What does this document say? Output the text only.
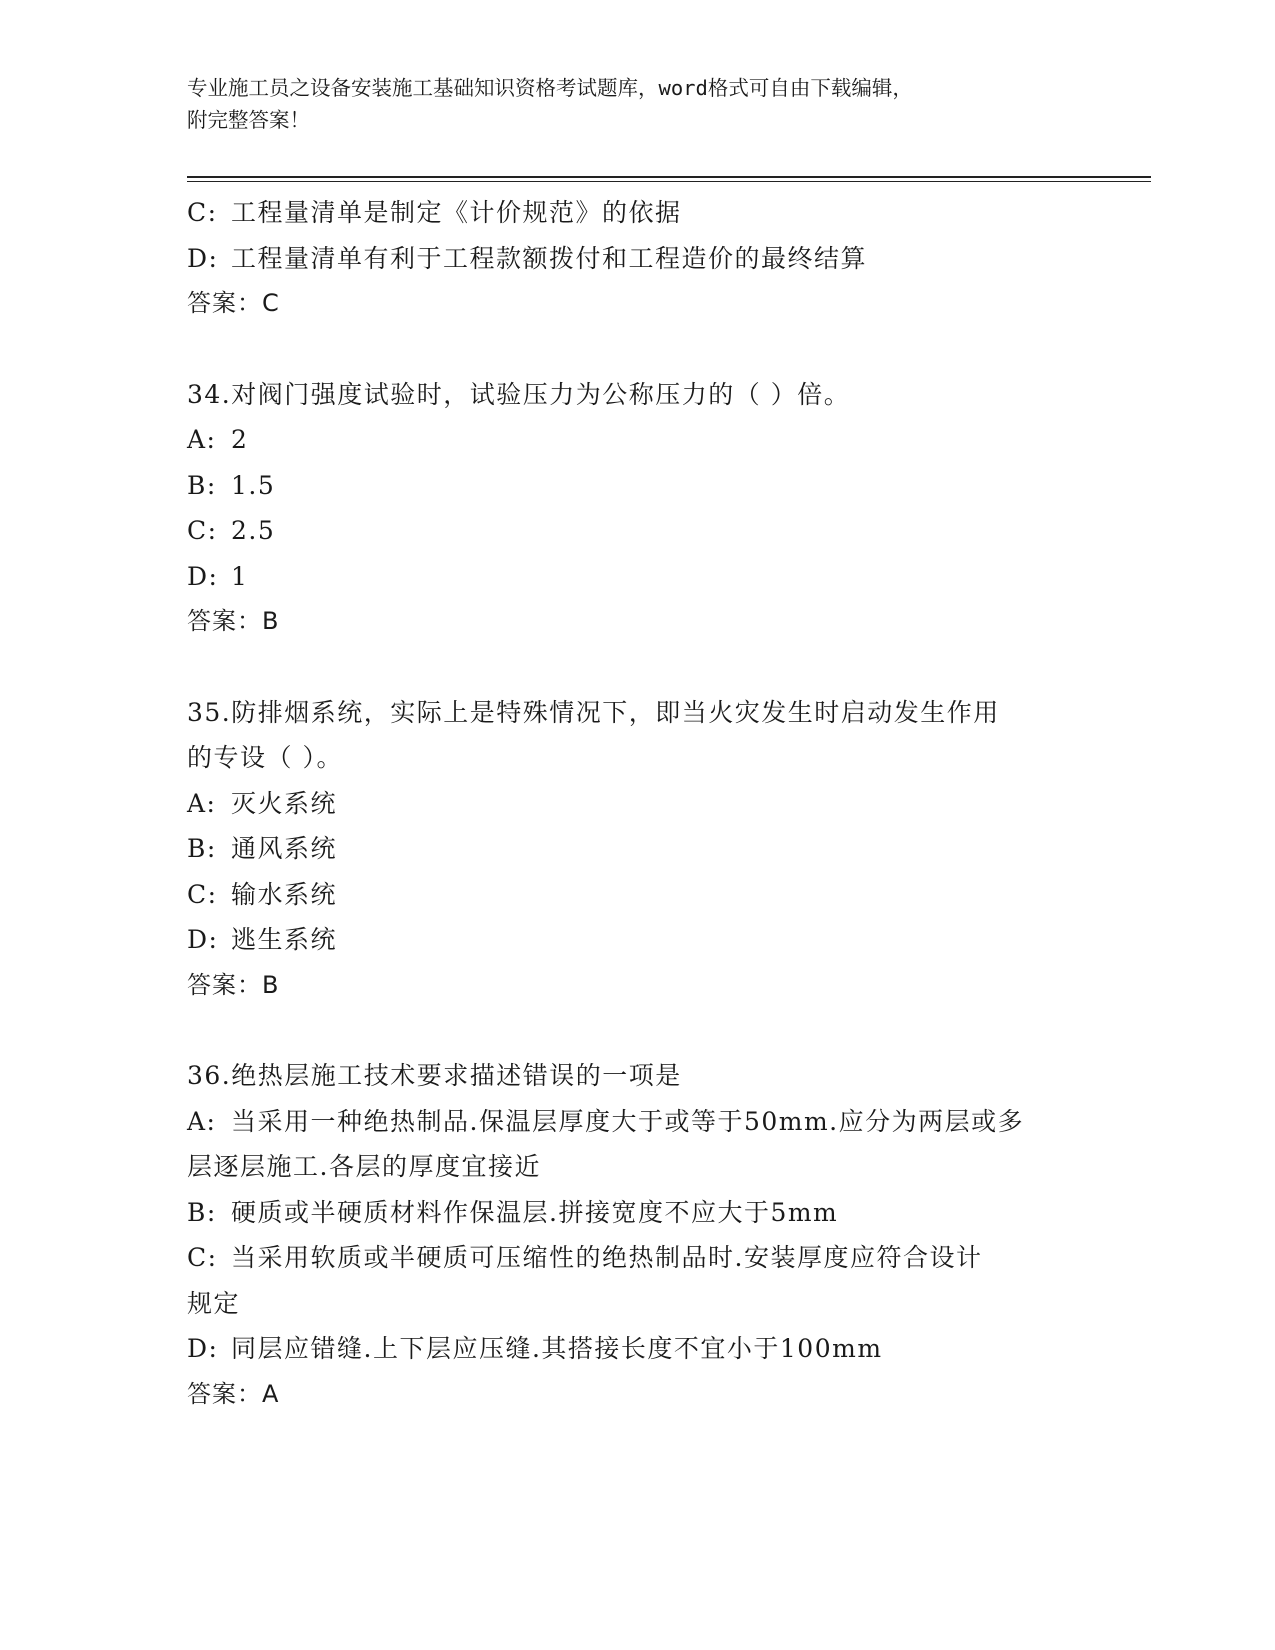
专业施工员之设备安装施工基础知识资格考试题库，word格式可自由下载编辑，
附完整答案！
C: 工程量清单是制定《计价规范》的依据
D: 工程量清单有利于工程款额拨付和工程造价的最终结算
答案：C
34.对阀门强度试验时，试验压力为公称压力的（ ）倍。
A: 2
B: 1.5
C: 2.5
D: 1
答案：B
35.防排烟系统，实际上是特殊情况下，即当火灾发生时启动发生作用
的专设（ ）。
A: 灭火系统
B: 通风系统
C: 输水系统
D: 逃生系统
答案：B
36.绝热层施工技术要求描述错误的一项是
A: 当采用一种绝热制品.保温层厚度大于或等于50mm.应分为两层或多
层逐层施工.各层的厚度宜接近
B: 硬质或半硬质材料作保温层.拼接宽度不应大于5mm
C: 当采用软质或半硬质可压缩性的绝热制品时.安装厚度应符合设计
规定
D: 同层应错缝.上下层应压缝.其搭接长度不宜小于100mm
答案：A
